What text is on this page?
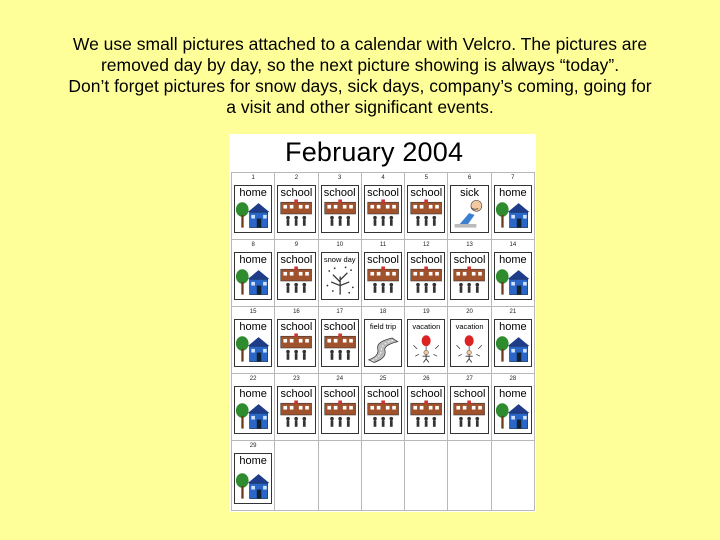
We use small pictures attached to a calendar with Velcro. The pictures are
removed day by day, so the next picture showing is always “today”.
Don’t forget pictures for snow days, sick days, company’s coming, going for
a visit and other significant events.
February 2004
1
home
2
school
3
school
4
school
5
school
6
sick
7
home
8
home
9
school
10
snow day
11
school
12
school
13
school
14
home
15
home
16
school
17
school
18
field trip
19
vacation
20
vacation
21
home
22
home
23
school
24
school
25
school
26
school
27
school
28
home
29
home
